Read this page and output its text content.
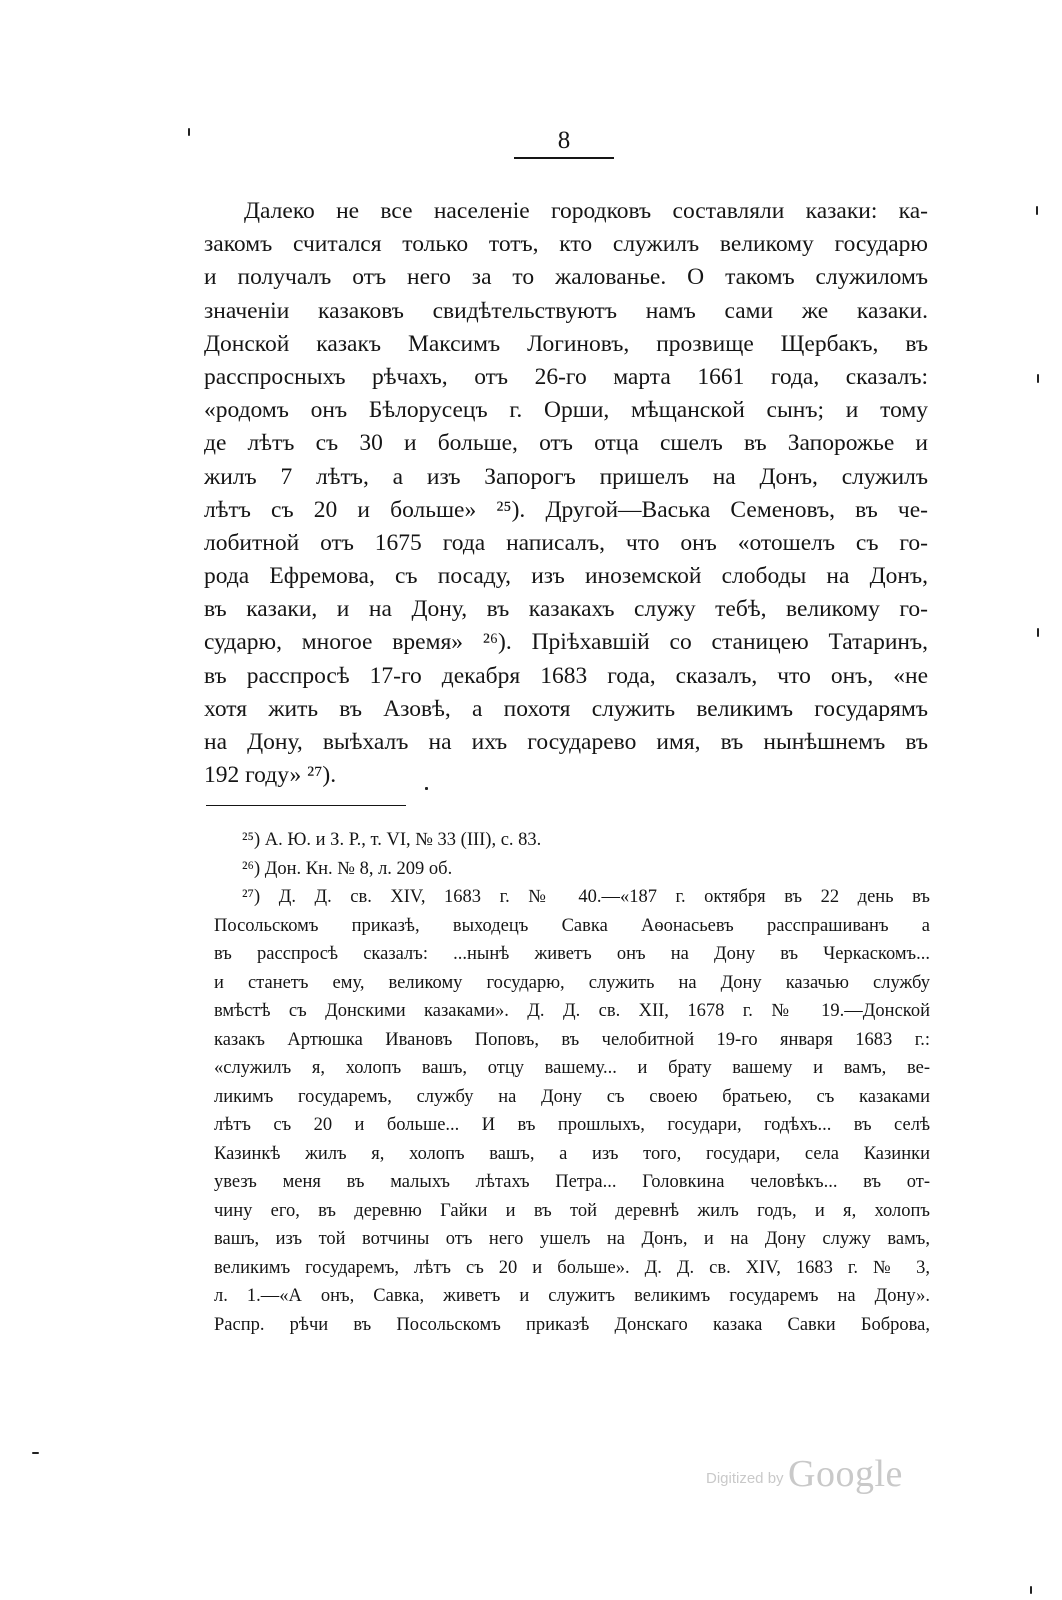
8
Далеко не все населеніе городковъ составляли казаки: ка-
закомъ считался только тотъ, кто служилъ великому государю
и получалъ отъ него за то жалованье. О такомъ служиломъ
значеніи казаковъ свидѣтельствуютъ намъ сами же казаки.
Донской казакъ Максимъ Логиновъ, прозвище Щербакъ, въ
расспросныхъ рѣчахъ, отъ 26-го марта 1661 года, сказалъ:
«родомъ онъ Бѣлорусецъ г. Орши, мѣщанской сынъ; и тому
де лѣтъ съ 30 и больше, отъ отца сшелъ въ Запорожье и
жилъ 7 лѣтъ, а изъ Запорогъ пришелъ на Донъ, служилъ
лѣтъ съ 20 и больше» ²⁵). Другой—Васька Семеновъ, въ че-
лобитной отъ 1675 года написалъ, что онъ «отошелъ съ го-
рода Ефремова, съ посаду, изъ иноземской слободы на Донъ,
въ казаки, и на Дону, въ казакахъ служу тебѣ, великому го-
сударю, многое время» ²⁶). Пріѣхавшій со станицею Татаринъ,
въ расспросѣ 17-го декабря 1683 года, сказалъ, что онъ, «не
хотя жить въ Азовѣ, а похотя служить великимъ государямъ
на Дону, выѣхалъ на ихъ государево имя, въ нынѣшнемъ въ
192 году» ²⁷).
²⁵) А. Ю. и З. Р., т. VI, № 33 (III), с. 83.
²⁶) Дон. Кн. № 8, л. 209 об.
²⁷) Д. Д. св. XIV, 1683 г. № 40.—«187 г. октября въ 22 день въ
Посольскомъ приказѣ, выходецъ Савка Аѳонасьевъ расспрашиванъ а
въ расспросѣ сказалъ: ...нынѣ живетъ онъ на Дону въ Черкаскомъ...
и станетъ ему, великому государю, служить на Дону казачью службу
вмѣстѣ съ Донскими казаками». Д. Д. св. XII, 1678 г. № 19.—Донской
казакъ Артюшка Ивановъ Поповъ, въ челобитной 19-го января 1683 г.:
«служилъ я, холопъ вашъ, отцу вашему... и брату вашему и вамъ, ве-
ликимъ государемъ, службу на Дону съ своею братьею, съ казаками
лѣтъ съ 20 и больше... И въ прошлыхъ, государи, годѣхъ... въ селѣ
Казинкѣ жилъ я, холопъ вашъ, а изъ того, государи, села Казинки
увезъ меня въ малыхъ лѣтахъ Петра... Головкина человѣкъ... въ от-
чину его, въ деревню Гайки и въ той деревнѣ жилъ годъ, и я, холопъ
вашъ, изъ той вотчины отъ него ушелъ на Донъ, и на Дону служу вамъ,
великимъ государемъ, лѣтъ съ 20 и больше». Д. Д. св. XIV, 1683 г. № 3,
л. 1.—«А онъ, Савка, живетъ и служитъ великимъ государемъ на Дону».
Распр. рѣчи въ Посольскомъ приказѣ Донскаго казака Савки Боброва,
Digitized by Google
